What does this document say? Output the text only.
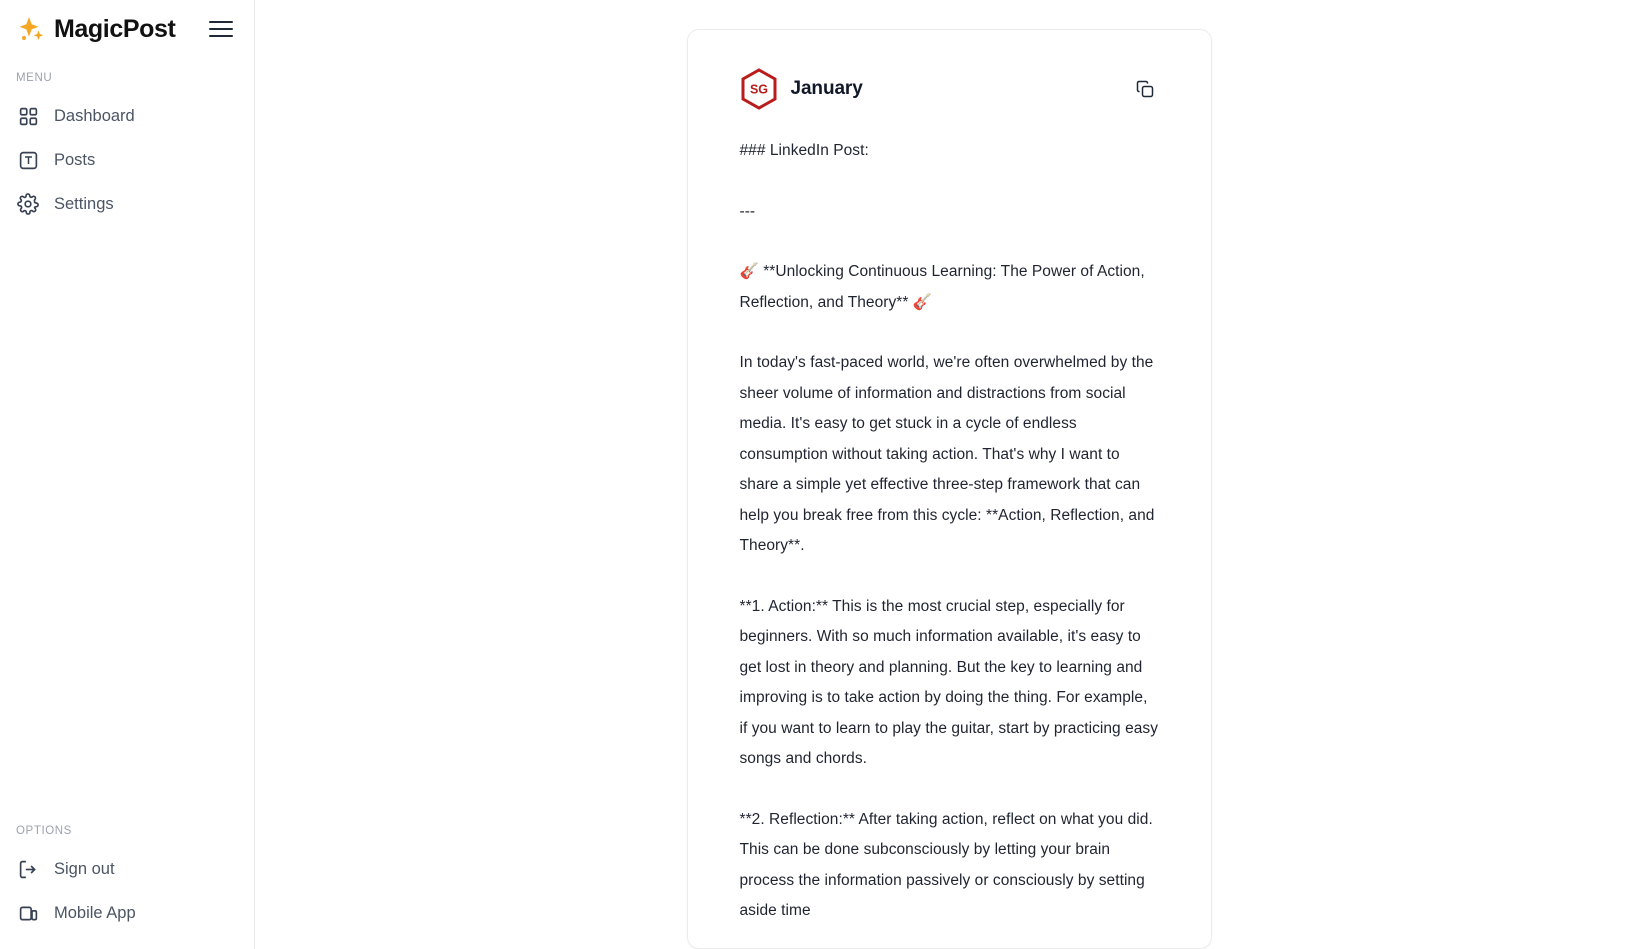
MagicPost
MENU
Dashboard
Posts
Settings
OPTIONS
Sign out
Mobile App
SG January

### LinkedIn Post:

---

🎸 **Unlocking Continuous Learning: The Power of Action, Reflection, and Theory** 🎸

In today's fast-paced world, we're often overwhelmed by the sheer volume of information and distractions from social media. It's easy to get stuck in a cycle of endless consumption without taking action. That's why I want to share a simple yet effective three-step framework that can help you break free from this cycle: **Action, Reflection, and Theory**.

**1. Action:** This is the most crucial step, especially for beginners. With so much information available, it's easy to get lost in theory and planning. But the key to learning and improving is to take action by doing the thing. For example, if you want to learn to play the guitar, start by practicing easy songs and chords.

**2. Reflection:** After taking action, reflect on what you did. This can be done subconsciously by letting your brain process the information passively or consciously by setting aside time
